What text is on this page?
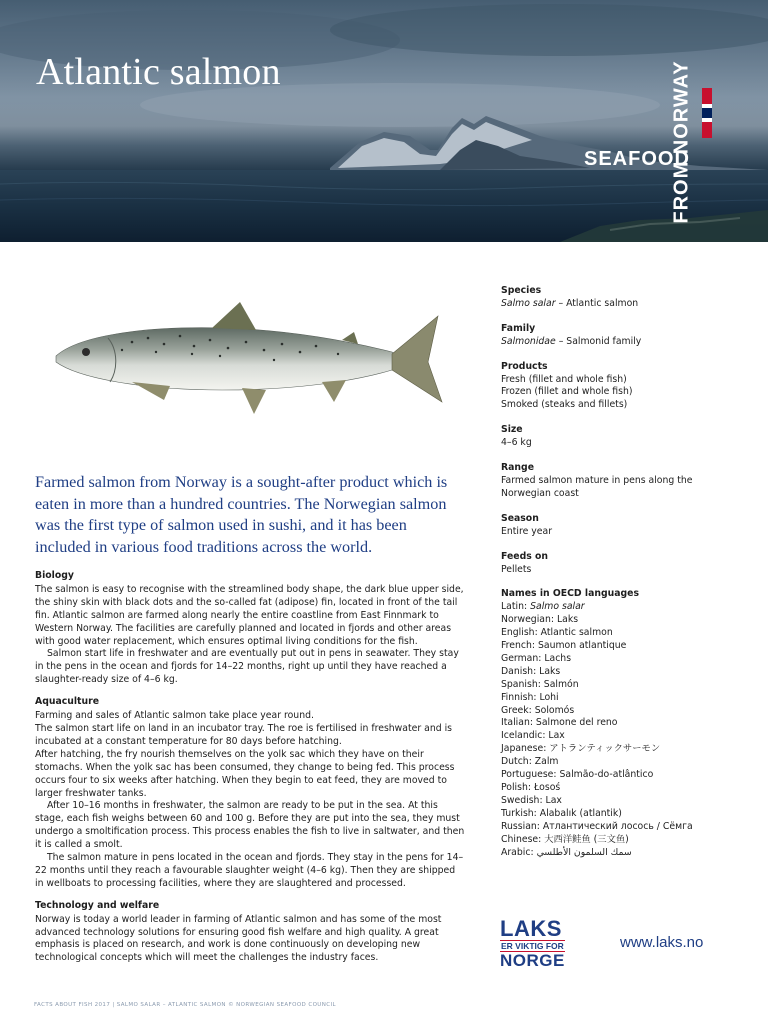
Atlantic salmon
SEAFOOD
FROM NORWAY
Farmed salmon from Norway is a sought-after product which is eaten in more than a hundred countries. The Norwegian salmon was the first type of salmon used in sushi, and it has been included in various food traditions across the world.
Biology

The salmon is easy to recognise with the streamlined body shape, the dark blue upper side, the shiny skin with black dots and the so-called fat (adipose) fin, located in front of the tail fin. Atlantic salmon are farmed along nearly the entire coastline from East Finnmark to Western Norway. The facilities are carefully planned and located in fjords and other areas with good water replacement, which ensures optimal living conditions for the fish.

Salmon start life in freshwater and are eventually put out in pens in seawater. They stay in the pens in the ocean and fjords for 14–22 months, right up until they have reached a slaughter-ready size of 4–6 kg.

Aquaculture

Farming and sales of Atlantic salmon take place year round.

The salmon start life on land in an incubator tray. The roe is fertilised in freshwater and is incubated at a constant temperature for 80 days before hatching.

After hatching, the fry nourish themselves on the yolk sac which they have on their stomachs. When the yolk sac has been consumed, they change to being fed. This process occurs four to six weeks after hatching. When they begin to eat feed, they are moved to larger freshwater tanks.

After 10–16 months in freshwater, the salmon are ready to be put in the sea. At this stage, each fish weighs between 60 and 100 g. Before they are put into the sea, they must undergo a smoltification process. This process enables the fish to live in saltwater, and then it is called a smolt.

The salmon mature in pens located in the ocean and fjords. They stay in the pens for 14–22 months until they reach a favourable slaughter weight (4–6 kg). Then they are shipped in wellboats to processing facilities, where they are slaughtered and processed.

Technology and welfare

Norway is today a world leader in farming of Atlantic salmon and has some of the most advanced technology solutions for ensuring good fish welfare and high quality. A great emphasis is placed on research, and work is done continuously on developing new technological concepts which will meet the challenges the industry faces.

Species
Salmo salar – Atlantic salmon
Family
Salmonidae – Salmonid family
Products
Fresh (fillet and whole fish)
Frozen (fillet and whole fish)
Smoked (steaks and fillets)
Size
4–6 kg
Range
Farmed salmon mature in pens along the Norwegian coast
Season
Entire year
Feeds on
Pellets
Names in OECD languages
Latin: Salmo salar
Norwegian: Laks
English: Atlantic salmon
French: Saumon atlantique
German: Lachs
Danish: Laks
Spanish: Salmón
Finnish: Lohi
Greek: Solomós
Italian: Salmone del reno
Icelandic: Lax
Japanese: アトランティックサーモン
Dutch: Zalm
Portuguese: Salmão-do-atlântico
Polish: Łosoś
Swedish: Lax
Turkish: Alabalık (atlantik)
Russian: Атлантический лосось / Сёмга
Chinese: 大西洋鲑鱼 (三文鱼)
Arabic: سمك السلمون الأطلسي
LAKS
ER VIKTIG FOR
NORGE
www.laks.no
FACTS ABOUT FISH 2017 | SALMO SALAR – ATLANTIC SALMON © NORWEGIAN SEAFOOD COUNCIL
